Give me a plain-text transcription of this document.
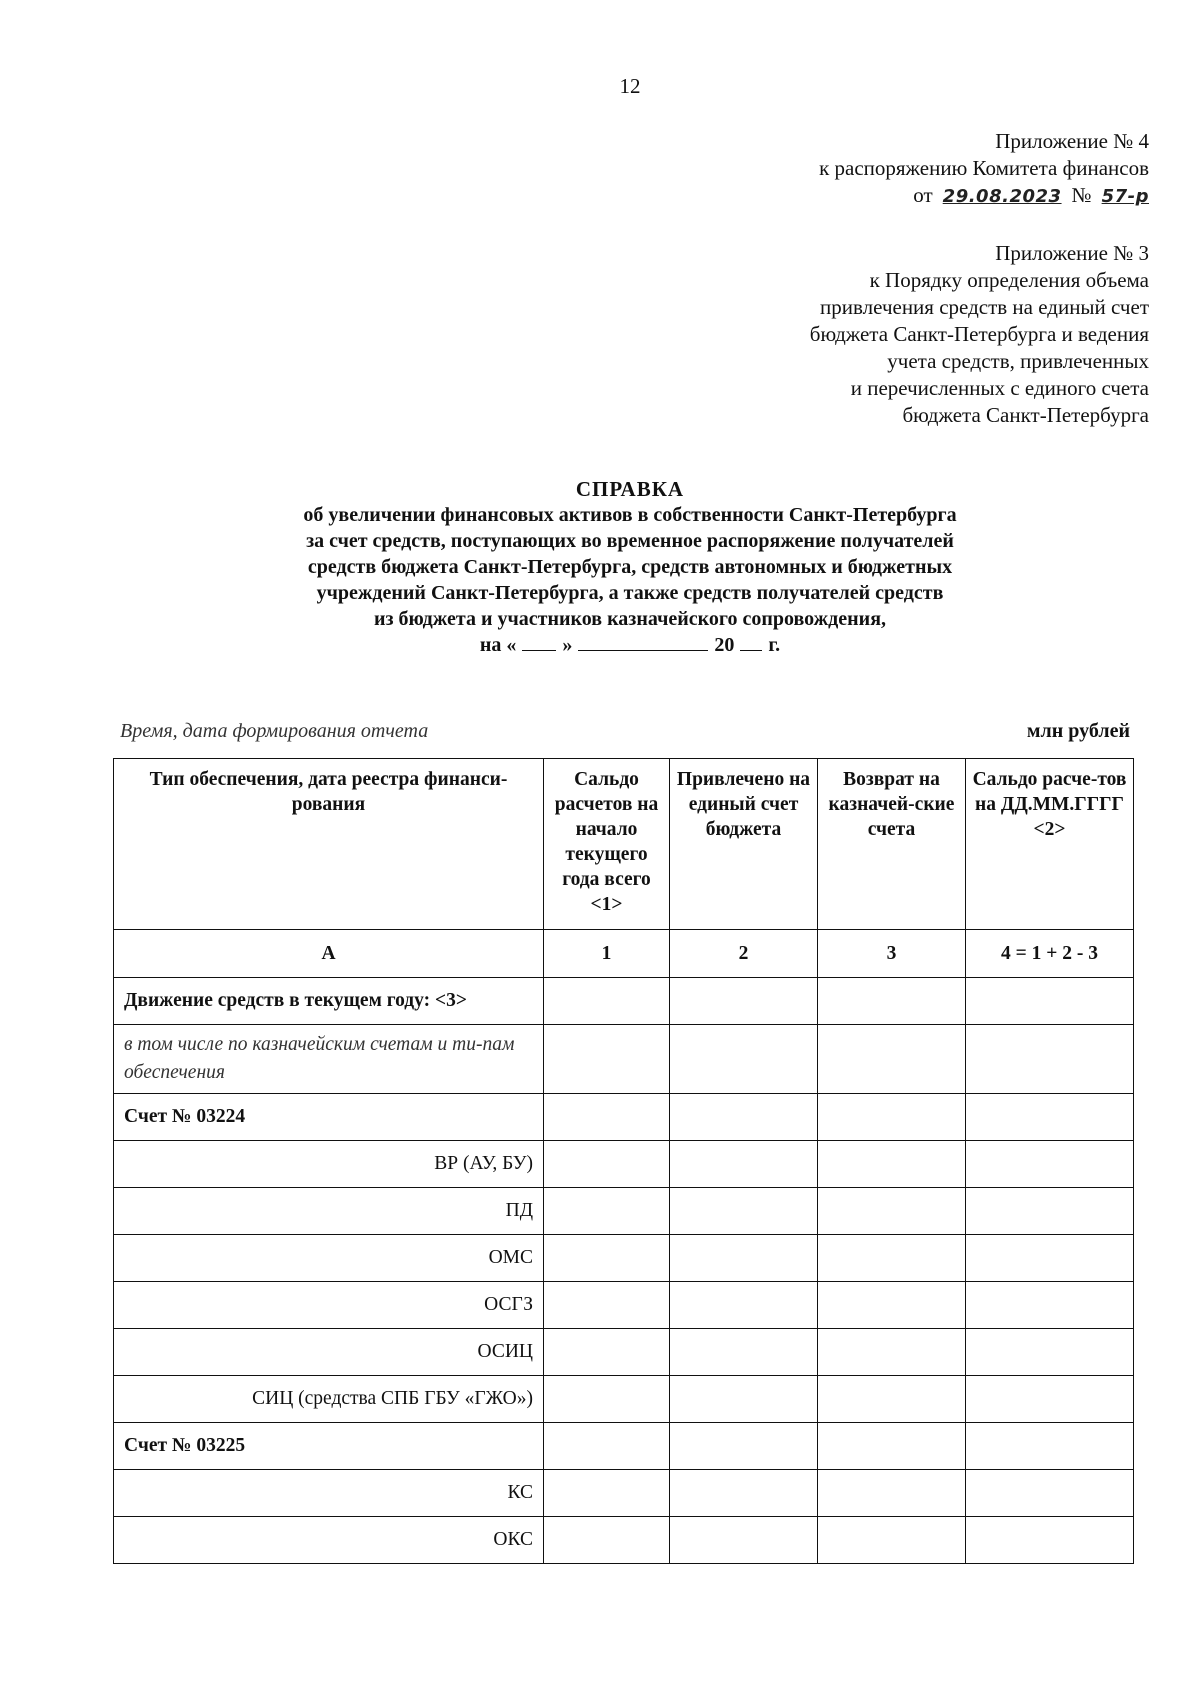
12
Приложение № 4
к распоряжению Комитета финансов
от 29.08.2023 № 57-р
Приложение № 3
к Порядку определения объема
привлечения средств на единый счет
бюджета Санкт-Петербурга и ведения
учета средств, привлеченных
и перечисленных с единого счета
бюджета Санкт-Петербурга
СПРАВКА
об увеличении финансовых активов в собственности Санкт-Петербурга
за счет средств, поступающих во временное распоряжение получателей
средств бюджета Санкт-Петербурга, средств автономных и бюджетных
учреждений Санкт-Петербурга, а также средств получателей средств
из бюджета и участников казначейского сопровождения,
на « »	20 г.
Время, дата формирования отчета	млн рублей
Тип обеспечения, дата реестра финанси-рования	Сальдо расчетов на начало текущего года всего <1>	Привлечено на единый счет бюджета	Возврат на казначей-ские счета	Сальдо расче-тов на ДД.ММ.ГГГГ <2>
А	1	2	3	4 = 1 + 2 - 3
Движение средств в текущем году: <3>				
в том числе по казначейским счетам и ти-пам обеспечения				
Счет № 03224				
ВР (АУ, БУ)				
ПД				
ОМС				
ОСГЗ				
ОСИЦ				
СИЦ (средства СПБ ГБУ «ГЖО»)				
Счет № 03225				
КС				
ОКС				
